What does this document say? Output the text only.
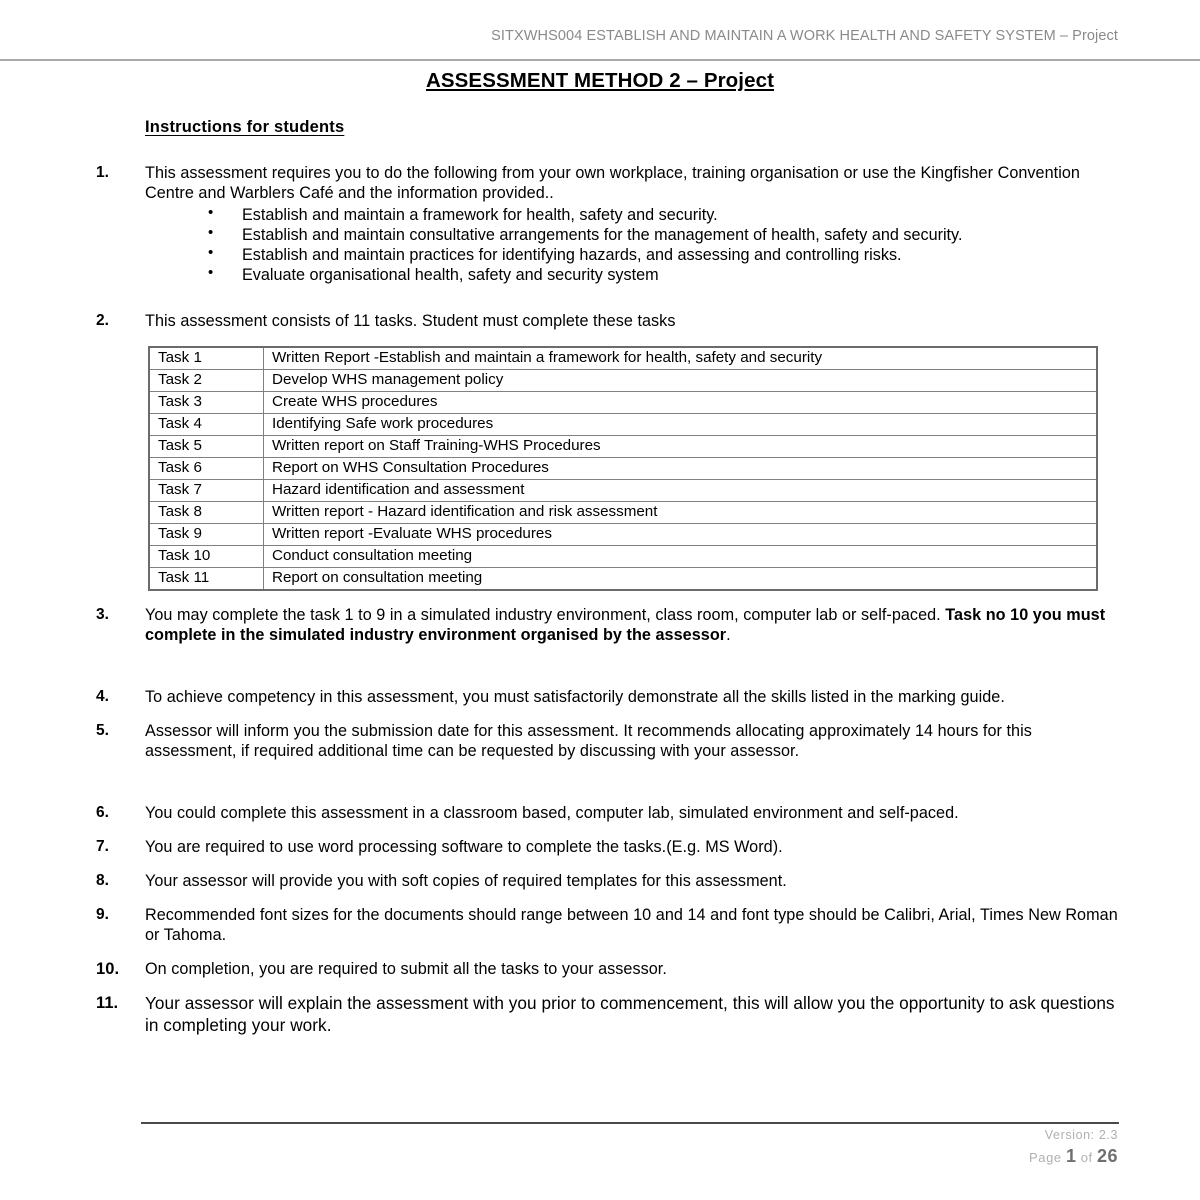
SITXWHS004 ESTABLISH AND MAINTAIN A WORK HEALTH AND SAFETY SYSTEM – Project
ASSESSMENT METHOD 2 – Project
Instructions for students
1. This assessment requires you to do the following from your own workplace, training organisation or use the Kingfisher Convention Centre and Warblers Café and the information provided..
• Establish and maintain a framework for health, safety and security.
• Establish and maintain consultative arrangements for the management of health, safety and security.
• Establish and maintain practices for identifying hazards, and assessing and controlling risks.
• Evaluate organisational health, safety and security system
2. This assessment consists of 11 tasks. Student must complete these tasks
Task 1	Written Report -Establish and maintain a framework for health, safety and security
Task 2	Develop WHS management policy
Task 3	Create WHS procedures
Task 4	Identifying Safe work procedures
Task 5	Written report on Staff Training-WHS Procedures
Task 6	Report on WHS Consultation Procedures
Task 7	Hazard identification and assessment
Task 8	Written report - Hazard identification and risk assessment
Task 9	Written report -Evaluate WHS procedures
Task 10	Conduct consultation meeting
Task 11	Report on consultation meeting
3. You may complete the task 1 to 9 in a simulated industry environment, class room, computer lab or self-paced. Task no 10 you must complete in the simulated industry environment organised by the assessor.
4. To achieve competency in this assessment, you must satisfactorily demonstrate all the skills listed in the marking guide.
5. Assessor will inform you the submission date for this assessment. It recommends allocating approximately 14 hours for this assessment, if required additional time can be requested by discussing with your assessor.
6. You could complete this assessment in a classroom based, computer lab, simulated environment and self-paced.
7. You are required to use word processing software to complete the tasks.(E.g. MS Word).
8. Your assessor will provide you with soft copies of required templates for this assessment.
9. Recommended font sizes for the documents should range between 10 and 14 and font type should be Calibri, Arial, Times New Roman or Tahoma.
10. On completion, you are required to submit all the tasks to your assessor.
11. Your assessor will explain the assessment with you prior to commencement, this will allow you the opportunity to ask questions in completing your work.
Version: 2.3
Page 1 of 26
